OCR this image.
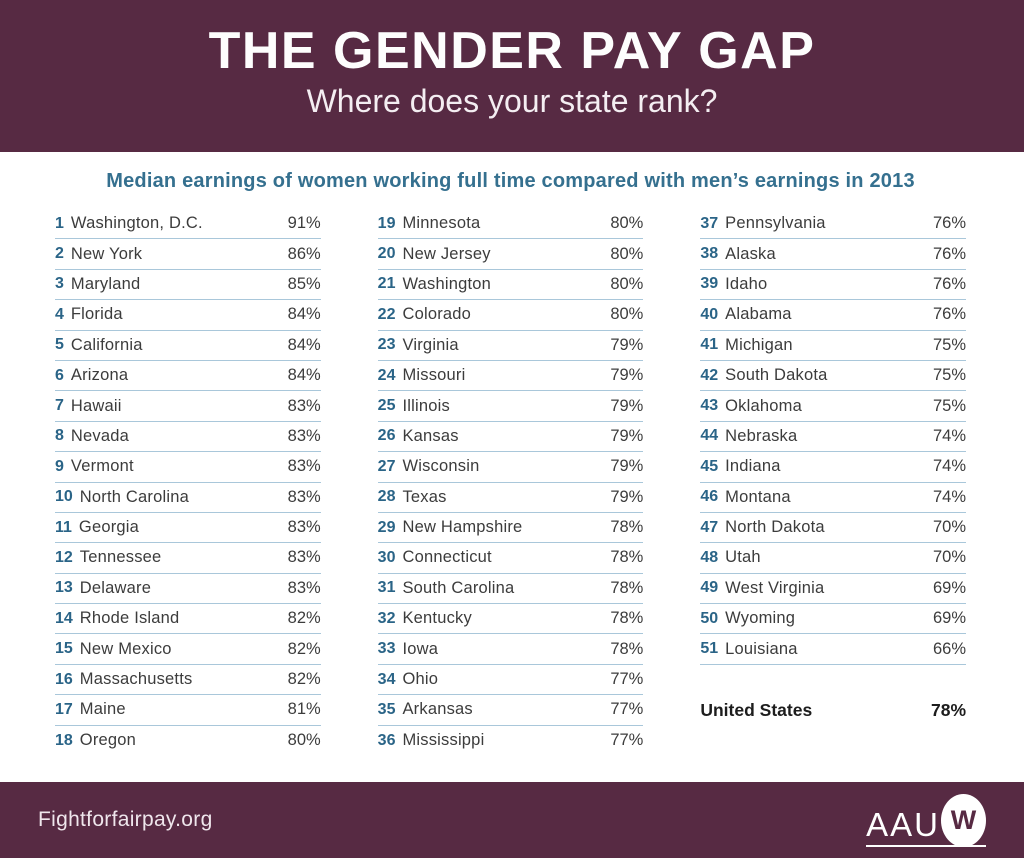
THE GENDER PAY GAP
Where does your state rank?
Median earnings of women working full time compared with men’s earnings in 2013
1 Washington, D.C.	91%
2 New York	86%
3 Maryland	85%
4 Florida	84%
5 California	84%
6 Arizona	84%
7 Hawaii	83%
8 Nevada	83%
9 Vermont	83%
10 North Carolina	83%
11 Georgia	83%
12 Tennessee	83%
13 Delaware	83%
14 Rhode Island	82%
15 New Mexico	82%
16 Massachusetts	82%
17 Maine	81%
18 Oregon	80%
19 Minnesota	80%
20 New Jersey	80%
21 Washington	80%
22 Colorado	80%
23 Virginia	79%
24 Missouri	79%
25 Illinois	79%
26 Kansas	79%
27 Wisconsin	79%
28 Texas	79%
29 New Hampshire	78%
30 Connecticut	78%
31 South Carolina	78%
32 Kentucky	78%
33 Iowa	78%
34 Ohio	77%
35 Arkansas	77%
36 Mississippi	77%
37 Pennsylvania	76%
38 Alaska	76%
39 Idaho	76%
40 Alabama	76%
41 Michigan	75%
42 South Dakota	75%
43 Oklahoma	75%
44 Nebraska	74%
45 Indiana	74%
46 Montana	74%
47 North Dakota	70%
48 Utah	70%
49 West Virginia	69%
50 Wyoming	69%
51 Louisiana	66%
United States	78%
Fightforfairpay.org	AAU W
